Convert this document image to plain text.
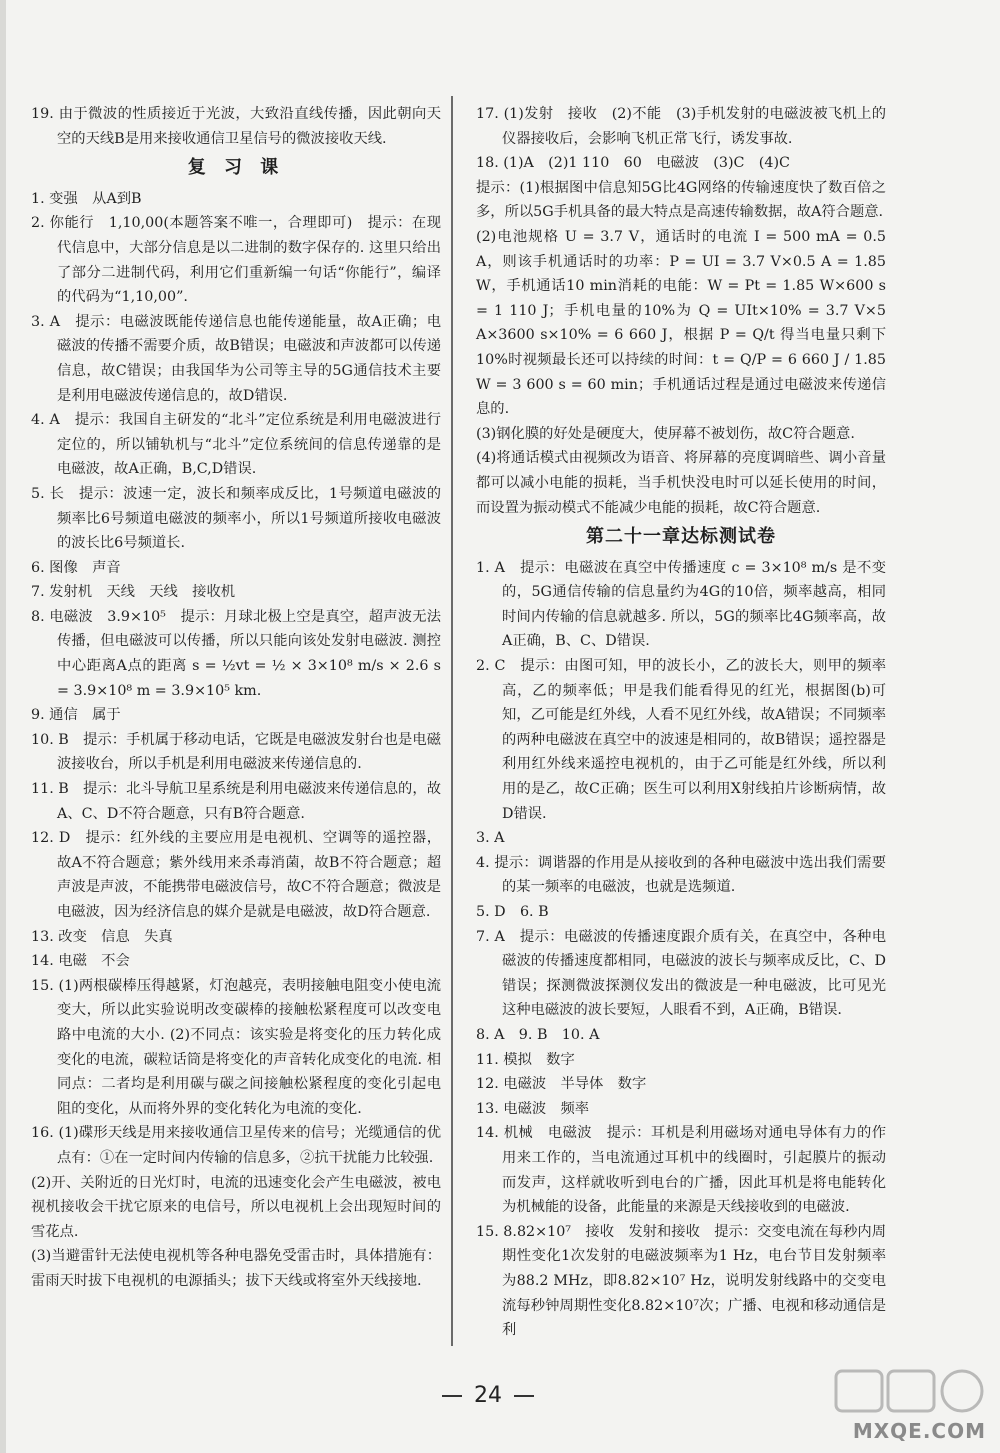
19. 由于微波的性质接近于光波，大致沿直线传播，因此朝向天空的天线B是用来接收通信卫星信号的微波接收天线.
复 习 课
1. 变强　从A到B
2. 你能行　1,10,00(本题答案不唯一，合理即可)　提示：在现代信息中，大部分信息是以二进制的数字保存的. 这里只给出了部分二进制代码，利用它们重新编一句话“你能行”，编译的代码为“1,10,00”.
3. A　提示：电磁波既能传递信息也能传递能量，故A正确；电磁波的传播不需要介质，故B错误；电磁波和声波都可以传递信息，故C错误；由我国华为公司等主导的5G通信技术主要是利用电磁波传递信息的，故D错误.
4. A　提示：我国自主研发的“北斗”定位系统是利用电磁波进行定位的，所以铺轨机与“北斗”定位系统间的信息传递靠的是电磁波，故A正确，B,C,D错误.
5. 长　提示：波速一定，波长和频率成反比，1号频道电磁波的频率比6号频道电磁波的频率小，所以1号频道所接收电磁波的波长比6号频道长.
6. 图像　声音
7. 发射机　天线　天线　接收机
8. 电磁波　3.9×10⁵　提示：月球北极上空是真空，超声波无法传播，但电磁波可以传播，所以只能向该处发射电磁波. 测控中心距离A点的距离 s = ½vt = ½ × 3×10⁸ m/s × 2.6 s = 3.9×10⁸ m = 3.9×10⁵ km.
9. 通信　属于
10. B　提示：手机属于移动电话，它既是电磁波发射台也是电磁波接收台，所以手机是利用电磁波来传递信息的.
11. B　提示：北斗导航卫星系统是利用电磁波来传递信息的，故A、C、D不符合题意，只有B符合题意.
12. D　提示：红外线的主要应用是电视机、空调等的遥控器，故A不符合题意；紫外线用来杀毒消菌，故B不符合题意；超声波是声波，不能携带电磁波信号，故C不符合题意；微波是电磁波，因为经济信息的媒介是就是电磁波，故D符合题意.
13. 改变　信息　失真
14. 电磁　不会
15. (1)两根碳棒压得越紧，灯泡越亮，表明接触电阻变小使电流变大，所以此实验说明改变碳棒的接触松紧程度可以改变电路中电流的大小. (2)不同点：该实验是将变化的压力转化成变化的电流，碳粒话筒是将变化的声音转化成变化的电流. 相同点：二者均是利用碳与碳之间接触松紧程度的变化引起电阻的变化，从而将外界的变化转化为电流的变化.
16. (1)碟形天线是用来接收通信卫星传来的信号；光缆通信的优点有：①在一定时间内传输的信息多，②抗干扰能力比较强.
(2)开、关附近的日光灯时，电流的迅速变化会产生电磁波，被电视机接收会干扰它原来的电信号，所以电视机上会出现短时间的雪花点.
(3)当避雷针无法使电视机等各种电器免受雷击时，具体措施有：雷雨天时拔下电视机的电源插头；拔下天线或将室外天线接地.
17. (1)发射　接收　(2)不能　(3)手机发射的电磁波被飞机上的仪器接收后，会影响飞机正常飞行，诱发事故.
18. (1)A　(2)1 110　60　电磁波　(3)C　(4)C
提示：(1)根据图中信息知5G比4G网络的传输速度快了数百倍之多，所以5G手机具备的最大特点是高速传输数据，故A符合题意.
(2)电池规格 U = 3.7 V，通话时的电流 I = 500 mA = 0.5 A，则该手机通话时的功率：P = UI = 3.7 V×0.5 A = 1.85 W，手机通话10 min消耗的电能：W = Pt = 1.85 W×600 s = 1 110 J；手机电量的10%为 Q = UIt×10% = 3.7 V×5 A×3600 s×10% = 6 660 J，根据 P = Q/t 得当电量只剩下10%时视频最长还可以持续的时间：t = Q/P = 6 660 J / 1.85 W = 3 600 s = 60 min；手机通话过程是通过电磁波来传递信息的.
(3)钢化膜的好处是硬度大，使屏幕不被划伤，故C符合题意.
(4)将通话模式由视频改为语音、将屏幕的亮度调暗些、调小音量都可以减小电能的损耗，当手机快没电时可以延长使用的时间，而设置为振动模式不能减少电能的损耗，故C符合题意.
第二十一章达标测试卷
1. A　提示：电磁波在真空中传播速度 c = 3×10⁸ m/s 是不变的，5G通信传输的信息量约为4G的10倍，频率越高，相同时间内传输的信息就越多. 所以，5G的频率比4G频率高，故A正确，B、C、D错误.
2. C　提示：由图可知，甲的波长小，乙的波长大，则甲的频率高，乙的频率低；甲是我们能看得见的红光，根据图(b)可知，乙可能是红外线，人看不见红外线，故A错误；不同频率的两种电磁波在真空中的波速是相同的，故B错误；遥控器是利用红外线来遥控电视机的，由于乙可能是红外线，所以利用的是乙，故C正确；医生可以利用X射线拍片诊断病情，故D错误.
3. A
4. 提示：调谐器的作用是从接收到的各种电磁波中选出我们需要的某一频率的电磁波，也就是选频道.
5. D　6. B
7. A　提示：电磁波的传播速度跟介质有关，在真空中，各种电磁波的传播速度都相同，电磁波的波长与频率成反比，C、D错误；探测微波探测仪发出的微波是一种电磁波，比可见光这种电磁波的波长要短，人眼看不到，A正确，B错误.
8. A　9. B　10. A
11. 模拟　数字
12. 电磁波　半导体　数字
13. 电磁波　频率
14. 机械　电磁波　提示：耳机是利用磁场对通电导体有力的作用来工作的，当电流通过耳机中的线圈时，引起膜片的振动而发声，这样就收听到电台的广播，因此耳机是将电能转化为机械能的设备，此能量的来源是天线接收到的电磁波.
15. 8.82×10⁷　接收　发射和接收　提示：交变电流在每秒内周期性变化1次发射的电磁波频率为1 Hz，电台节目发射频率为88.2 MHz，即8.82×10⁷ Hz，说明发射线路中的交变电流每秒钟周期性变化8.82×10⁷次；广播、电视和移动通信是利
24
MXQE.COM
